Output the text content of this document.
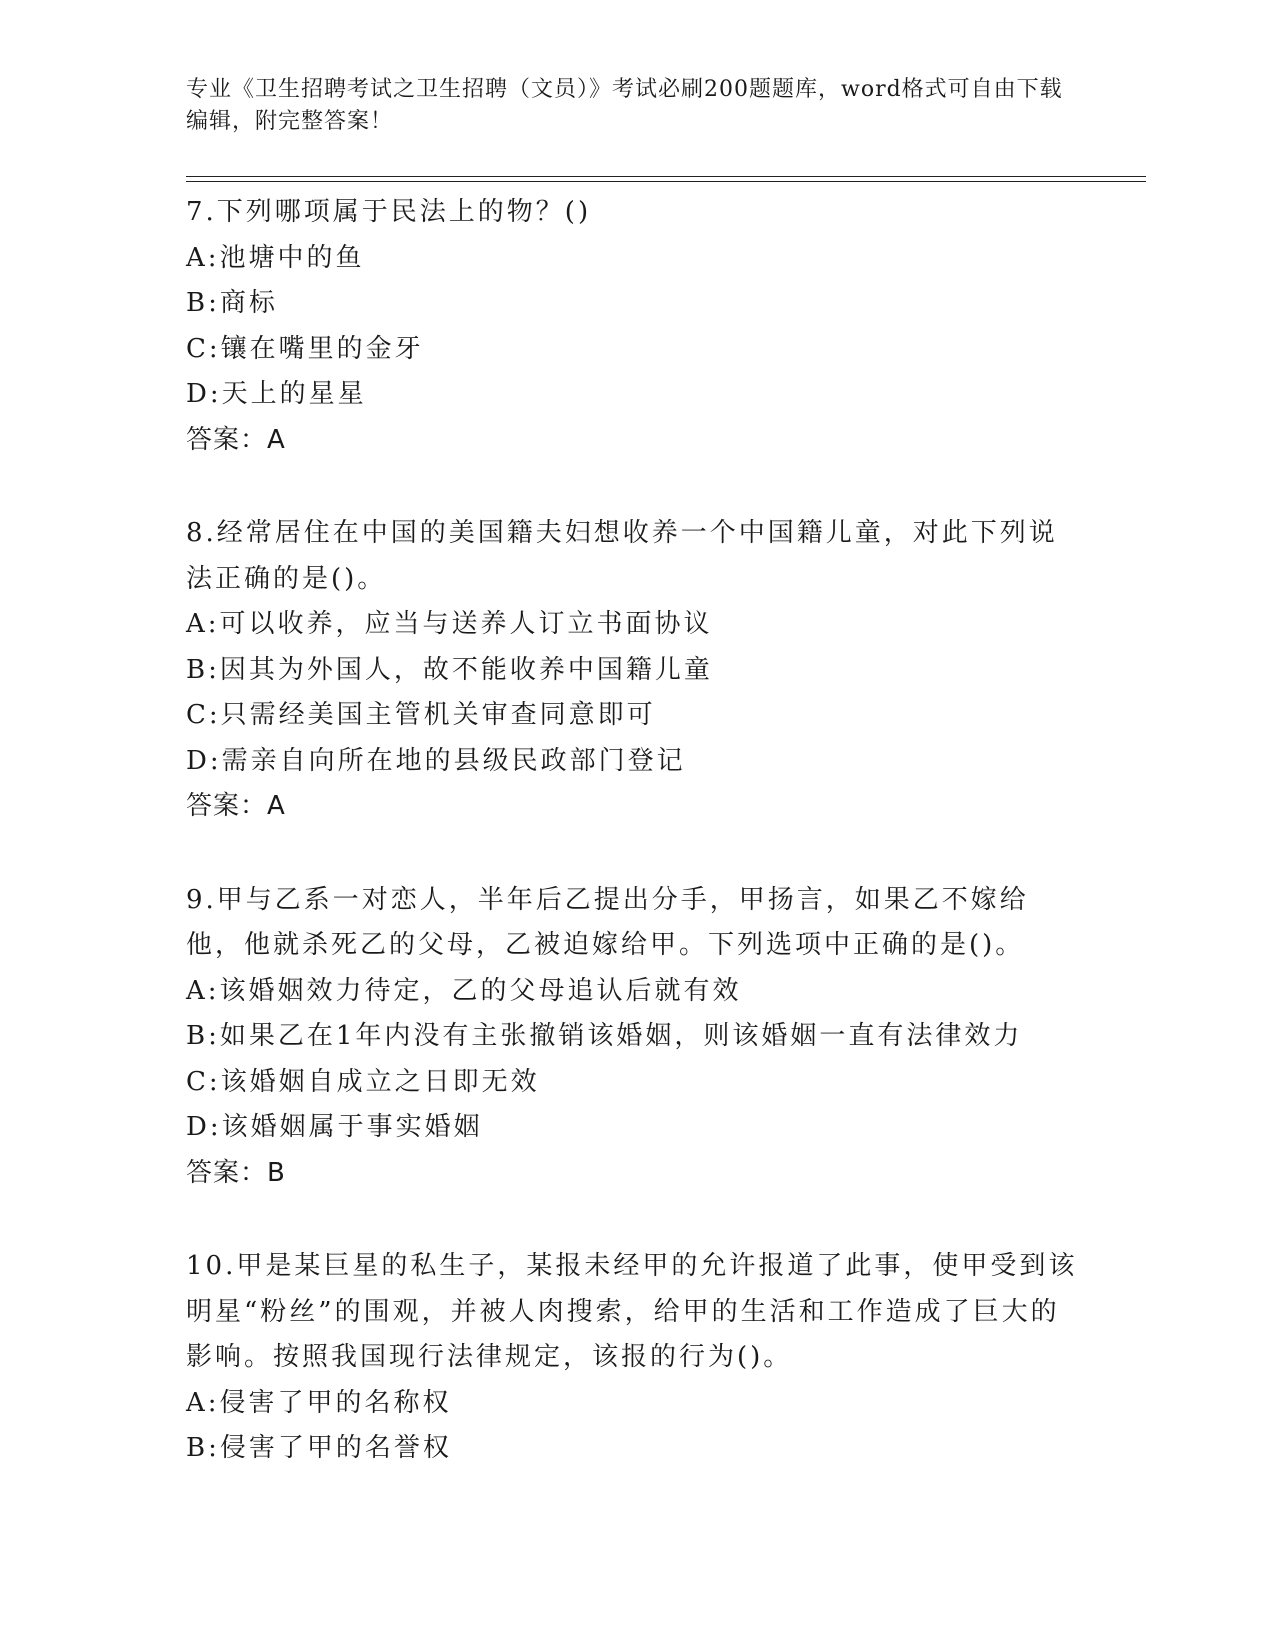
专业《卫生招聘考试之卫生招聘（文员）》考试必刷200题题库，word格式可自由下载编辑，附完整答案！
7.下列哪项属于民法上的物？()
A:池塘中的鱼
B:商标
C:镶在嘴里的金牙
D:天上的星星
答案：A
8.经常居住在中国的美国籍夫妇想收养一个中国籍儿童，对此下列说法正确的是()。
A:可以收养，应当与送养人订立书面协议
B:因其为外国人，故不能收养中国籍儿童
C:只需经美国主管机关审查同意即可
D:需亲自向所在地的县级民政部门登记
答案：A
9.甲与乙系一对恋人，半年后乙提出分手，甲扬言，如果乙不嫁给他，他就杀死乙的父母，乙被迫嫁给甲。下列选项中正确的是()。
A:该婚姻效力待定，乙的父母追认后就有效
B:如果乙在1年内没有主张撤销该婚姻，则该婚姻一直有法律效力
C:该婚姻自成立之日即无效
D:该婚姻属于事实婚姻
答案：B
10.甲是某巨星的私生子，某报未经甲的允许报道了此事，使甲受到该明星“粉丝”的围观，并被人肉搜索，给甲的生活和工作造成了巨大的影响。按照我国现行法律规定，该报的行为()。
A:侵害了甲的名称权
B:侵害了甲的名誉权
